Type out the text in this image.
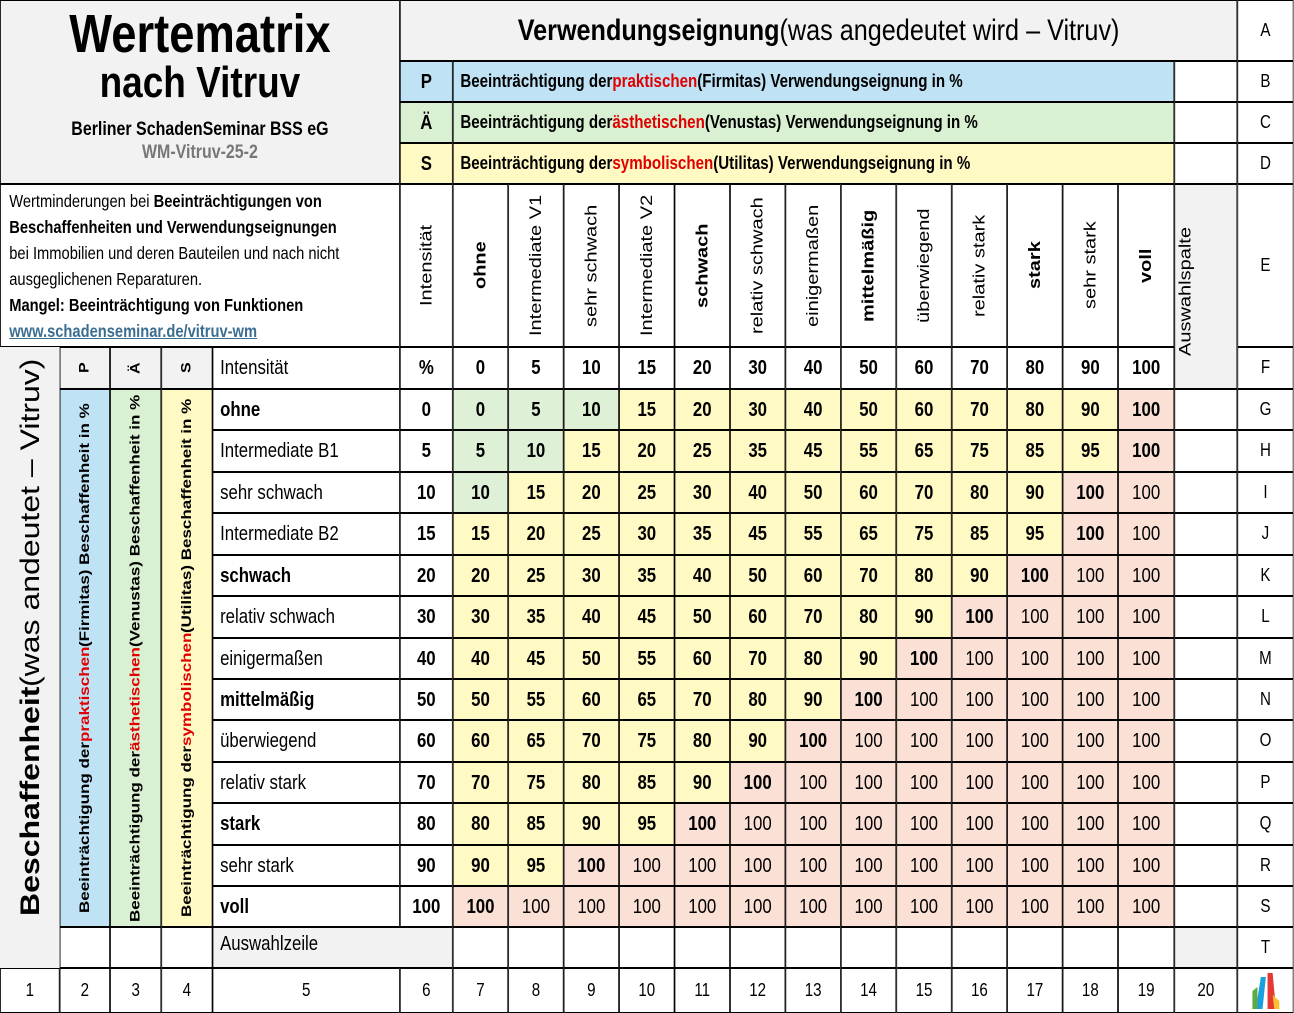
Wertematrix
nach Vitruv
Berliner SchadenSeminar BSS eG
WM-Vitruv-25-2
Wertminderungen bei Beeinträchtigungen von
Beschaffenheiten und Verwendungseignungen
bei Immobilien und deren Bauteilen und nach nicht
ausgeglichenen Reparaturen.
Mangel: Beeinträchtigung von Funktionen
www.schadenseminar.de/vitruv-wm
Verwendungseignung (was angedeutet wird – Vitruv)
P	Beeinträchtigung der praktischen (Firmitas) Verwendungseignung in %
Ä	Beeinträchtigung der ästhetischen (Venustas) Verwendungseignung in %
S	Beeinträchtigung der symbolischen (Utilitas) Verwendungseignung in %
Intensität	ohne	Intermediate V1	sehr schwach	Intermediate V2	schwach	relativ schwach	einigermaßen	mittelmäßig	überwiegend	relativ stark	stark	sehr stark	voll	Auswahlspalte
P	Ä	S	Intensität	%	0	5	10	15	20	30	40	50	60	70	80	90	100
Beschaffenheit
(was andeutet – Vitruv)
Beeinträchtigung der
praktischen
(Firmitas) Beschaffenheit in %
Beeinträchtigung der
ästhetischen
(Venustas) Beschaffenheit in %
Beeinträchtigung der
symbolischen
(Utilitas) Beschaffenheit in %	ohne	0	0	5	10	15	20	30	40	50	60	70	80	90	100
Intermediate B1	5	5	10	15	20	25	35	45	55	65	75	85	95	100
sehr schwach	10	10	15	20	25	30	40	50	60	70	80	90	100	100
Intermediate B2	15	15	20	25	30	35	45	55	65	75	85	95	100	100
schwach	20	20	25	30	35	40	50	60	70	80	90	100	100	100
relativ schwach	30	30	35	40	45	50	60	70	80	90	100	100	100	100
einigermaßen	40	40	45	50	55	60	70	80	90	100	100	100	100	100
mittelmäßig	50	50	55	60	65	70	80	90	100	100	100	100	100	100
überwiegend	60	60	65	70	75	80	90	100	100	100	100	100	100	100
relativ stark	70	70	75	80	85	90	100	100	100	100	100	100	100	100
stark	80	80	85	90	95	100	100	100	100	100	100	100	100	100
sehr stark	90	90	95	100	100	100	100	100	100	100	100	100	100	100
voll	100	100	100	100	100	100	100	100	100	100	100	100	100	100
Auswahlzeile
A
B
C
D
E
F
G
H
I
J
K
L
M
N
O
P
Q
R
S
T
1	2	3	4	5	6	7	8	9	10	11	12	13	14	15	16	17	18	19	20
